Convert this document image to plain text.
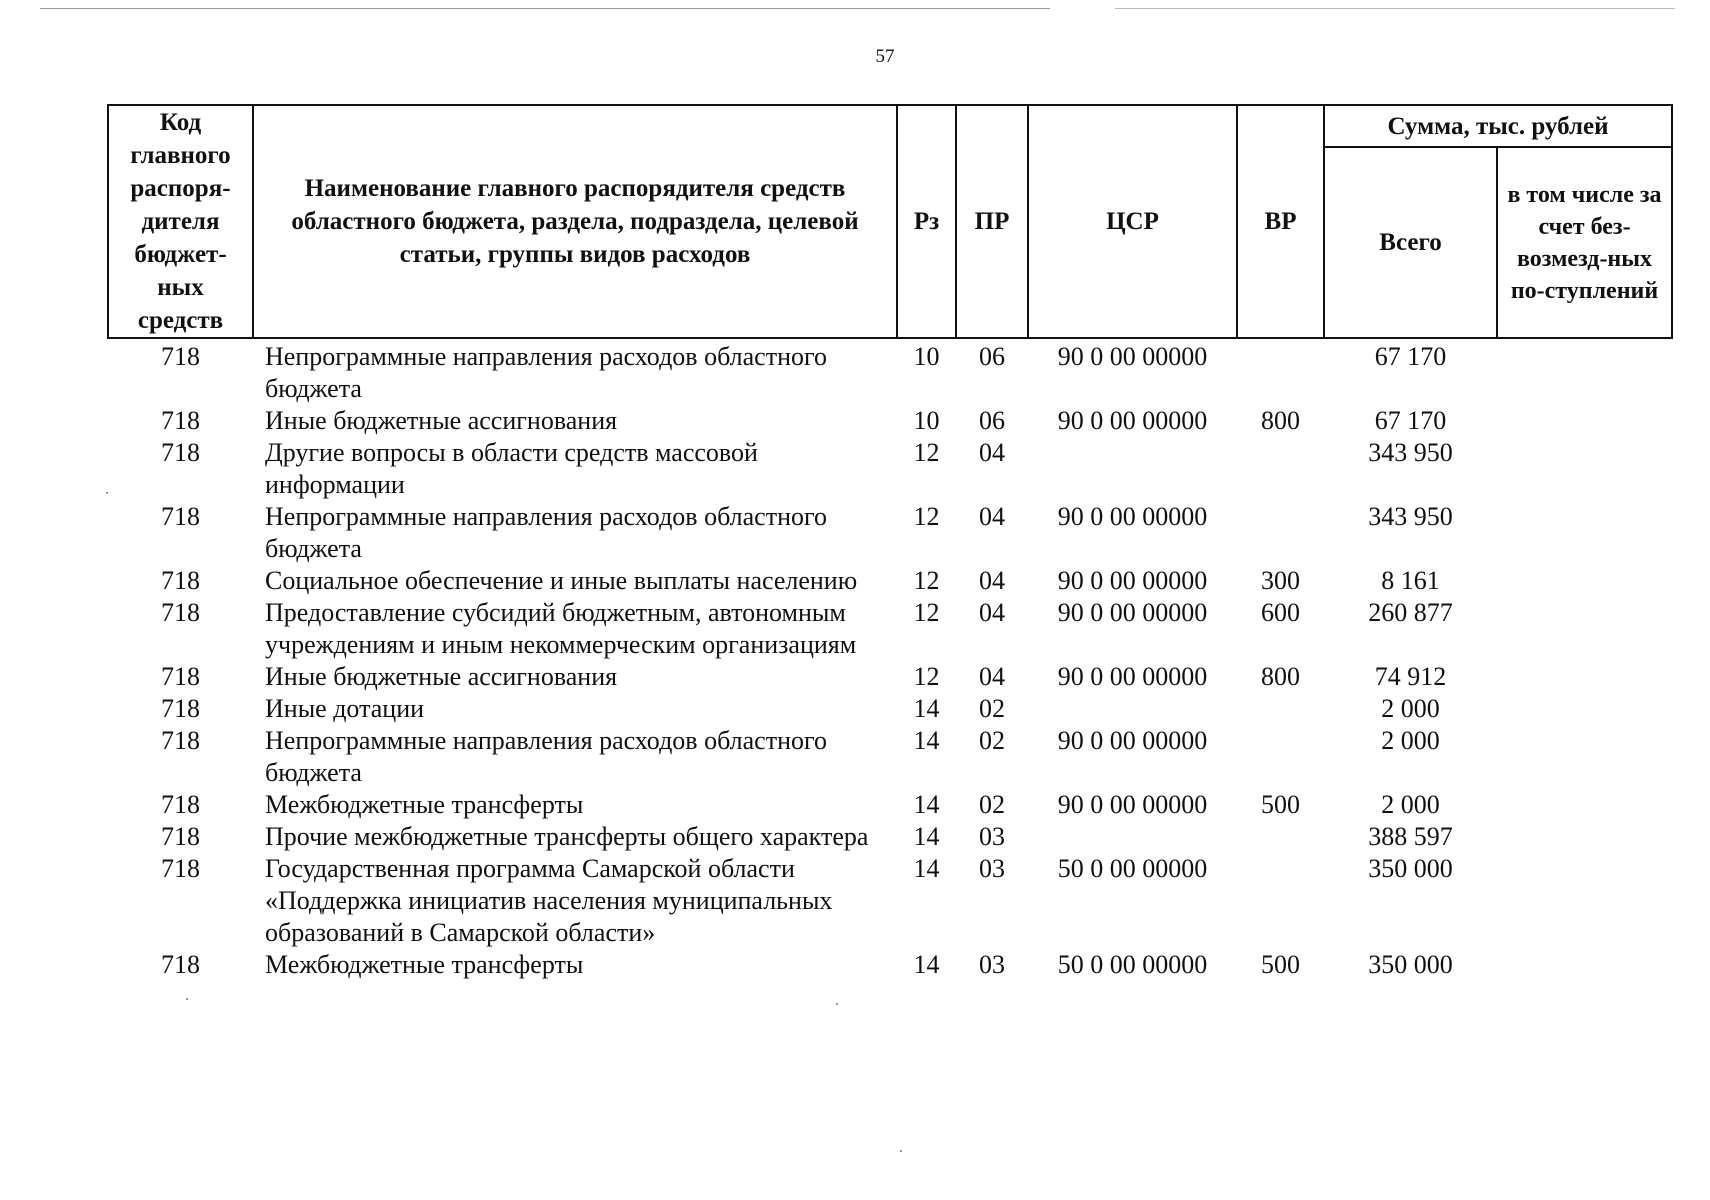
57
Код главного распоря-дителя бюджет-ных средств	Наименование главного распорядителя средств областного бюджета, раздела, подраздела, целевой статьи, группы видов расходов	Рз	ПР	ЦСР	ВР	Сумма, тыс. рублей	
						Всего	в том числе за счет без-возмезд-ных по-ступлений
718	Непрограммные направления расходов областного бюджета	10	06	90 0 00 00000		67 170	
718	Иные бюджетные ассигнования	10	06	90 0 00 00000	800	67 170	
718	Другие вопросы в области средств массовой информации	12	04			343 950	
718	Непрограммные направления расходов областного бюджета	12	04	90 0 00 00000		343 950	
718	Социальное обеспечение и иные выплаты населению	12	04	90 0 00 00000	300	8 161	
718	Предоставление субсидий бюджетным, автономным учреждениям и иным некоммерческим организациям	12	04	90 0 00 00000	600	260 877	
718	Иные бюджетные ассигнования	12	04	90 0 00 00000	800	74 912	
718	Иные дотации	14	02			2 000	
718	Непрограммные направления расходов областного бюджета	14	02	90 0 00 00000		2 000	
718	Межбюджетные трансферты	14	02	90 0 00 00000	500	2 000	
718	Прочие межбюджетные трансферты общего характера	14	03			388 597	
718	Государственная программа Самарской области «Поддержка инициатив населения муниципальных образований в Самарской области»	14	03	50 0 00 00000		350 000	
718	Межбюджетные трансферты	14	03	50 0 00 00000	500	350 000	
